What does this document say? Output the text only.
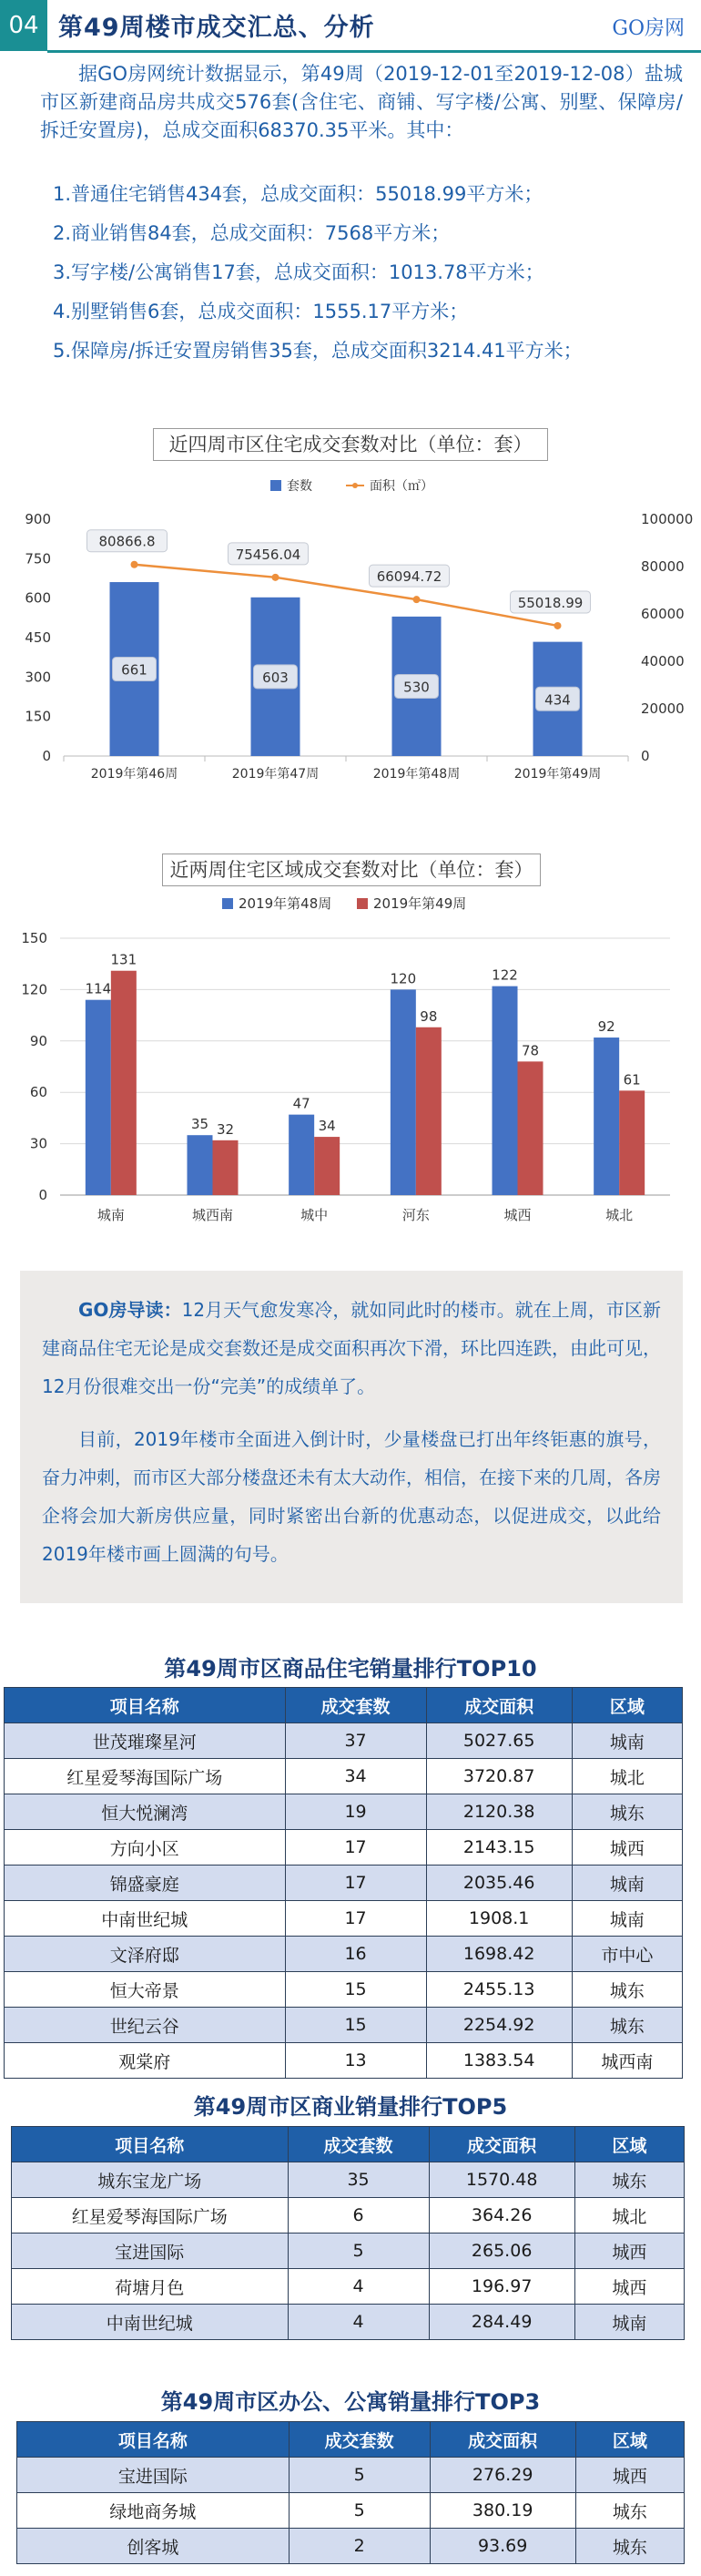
04 第49周楼市成交汇总、分析	GO房网

据GO房网统计数据显示，第49周（2019-12-01至2019-12-08）盐城市区新建商品房共成交576套(含住宅、商铺、写字楼/公寓、别墅、保障房/拆迁安置房)，总成交面积68370.35平米。其中：

1.普通住宅销售434套，总成交面积：55018.99平方米；
2.商业销售84套，总成交面积：7568平方米；
3.写字楼/公寓销售17套，总成交面积：1013.78平方米；
4.别墅销售6套，总成交面积：1555.17平方米；
5.保障房/拆迁安置房销售35套，总成交面积3214.41平方米；
近四周市区住宅成交套数对比（单位：套）
套数	面积（㎡）
0
150
300
450
600
750
900
0
20000
40000
60000
80000
100000
661
2019年第46周
603
2019年第47周
530
2019年第48周
434
2019年第49周
80866.8
75456.04
66094.72
55018.99
近两周住宅区域成交套数对比（单位：套）
2019年第48周	2019年第49周
0
30
60
90
120
150
114
131
城南
35 32
城西南
47
34
城中
120
98
河东
122
78
城西
92
61
城北

GO房导读：12月天气愈发寒冷，就如同此时的楼市。就在上周，市区新建商品住宅无论是成交套数还是成交面积再次下滑，环比四连跌，由此可见，12月份很难交出一份“完美”的成绩单了。

目前，2019年楼市全面进入倒计时，少量楼盘已打出年终钜惠的旗号，奋力冲刺，而市区大部分楼盘还未有太大动作，相信，在接下来的几周，各房企将会加大新房供应量，同时紧密出台新的优惠动态，以促进成交，以此给2019年楼市画上圆满的句号。

第49周市区商品住宅销量排行TOP10
项目名称	成交套数	成交面积	区域
世茂璀璨星河	37	5027.65	城南
红星爱琴海国际广场	34	3720.87	城北
恒大悦澜湾	19	2120.38	城东
方向小区	17	2143.15	城西
锦盛豪庭	17	2035.46	城南
中南世纪城	17	1908.1	城南
文泽府邸	16	1698.42	市中心
恒大帝景	15	2455.13	城东
世纪云谷	15	2254.92	城东
观棠府	13	1383.54	城西南
第49周市区商业销量排行TOP5
项目名称	成交套数	成交面积	区域
城东宝龙广场	35	1570.48	城东
红星爱琴海国际广场	6	364.26	城北
宝进国际	5	265.06	城西
荷塘月色	4	196.97	城西
中南世纪城	4	284.49	城南
第49周市区办公、公寓销量排行TOP3
项目名称	成交套数	成交面积	区域
宝进国际	5	276.29	城西
绿地商务城	5	380.19	城东
创客城	2	93.69	城东
